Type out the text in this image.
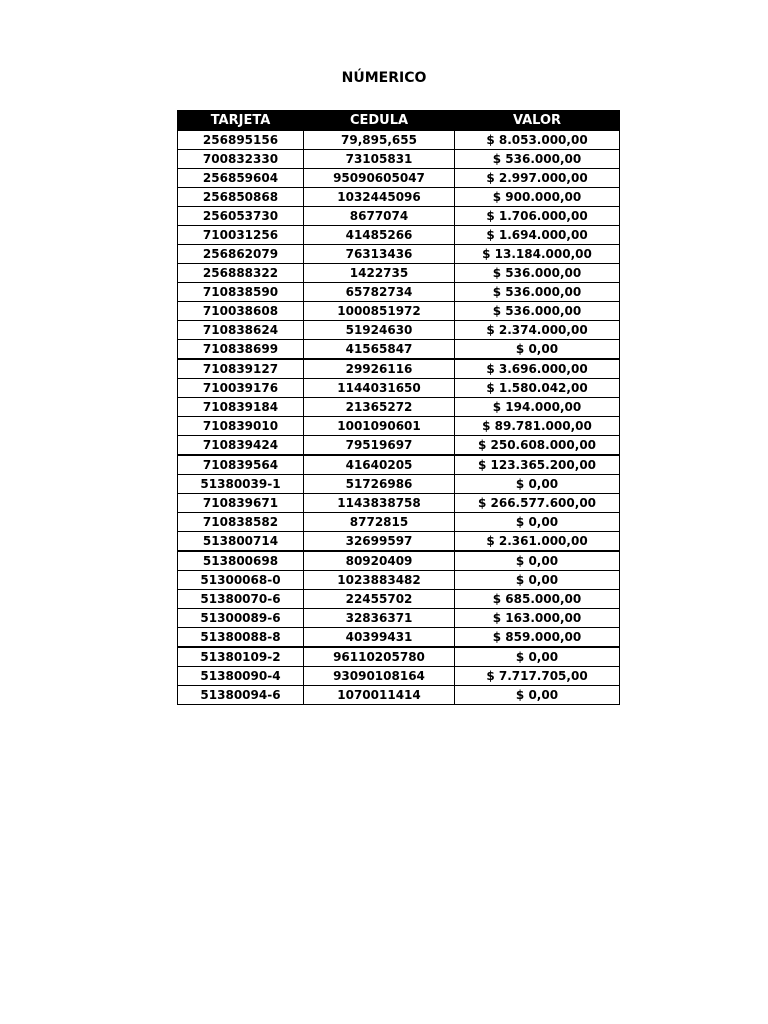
NÚMERICO
TARJETA	CEDULA	VALOR
256895156	79,895,655	$ 8.053.000,00
700832330	73105831	$ 536.000,00
256859604	95090605047	$ 2.997.000,00
256850868	1032445096	$ 900.000,00
256053730	8677074	$ 1.706.000,00
710031256	41485266	$ 1.694.000,00
256862079	76313436	$ 13.184.000,00
256888322	1422735	$ 536.000,00
710838590	65782734	$ 536.000,00
710038608	1000851972	$ 536.000,00
710838624	51924630	$ 2.374.000,00
710838699	41565847	$ 0,00
710839127	29926116	$ 3.696.000,00
710039176	1144031650	$ 1.580.042,00
710839184	21365272	$ 194.000,00
710839010	1001090601	$ 89.781.000,00
710839424	79519697	$ 250.608.000,00
710839564	41640205	$ 123.365.200,00
51380039-1	51726986	$ 0,00
710839671	1143838758	$ 266.577.600,00
710838582	8772815	$ 0,00
513800714	32699597	$ 2.361.000,00
513800698	80920409	$ 0,00
51300068-0	1023883482	$ 0,00
51380070-6	22455702	$ 685.000,00
51300089-6	32836371	$ 163.000,00
51380088-8	40399431	$ 859.000,00
51380109-2	96110205780	$ 0,00
51380090-4	93090108164	$ 7.717.705,00
51380094-6	1070011414	$ 0,00
